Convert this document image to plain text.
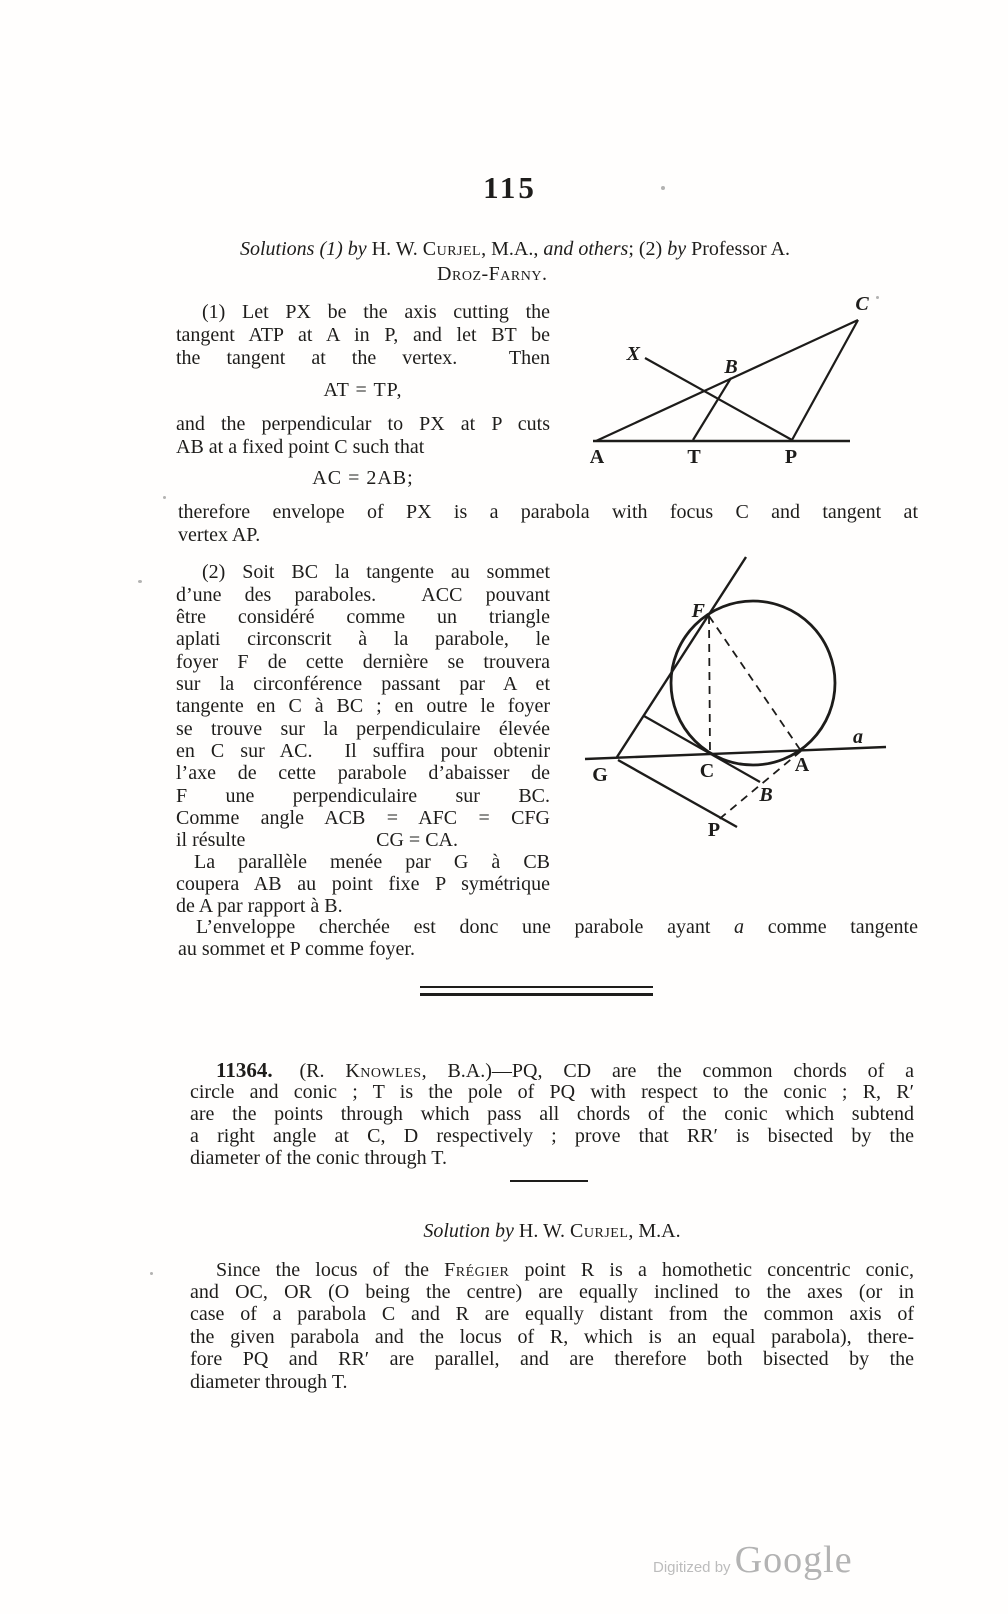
115
Solutions (1) by H. W. Curjel, M.A., and others; (2) by Professor A.
Droz-Farny.
(1) Let PX be the axis cutting the
tangent ATP at A in P, and let BT be
the tangent at the vertex.  Then
AT = TP,
and the perpendicular to PX at P cuts
AB at a fixed point C such that
AC = 2AB;
therefore envelope of PX is a parabola with focus C and tangent at
vertex AP.
A	T	P
X
B
C
(2) Soit BC la tangente au sommet
d’une des paraboles.  ACC pouvant
être considéré comme un triangle
aplati circonscrit à la parabole, le
foyer F de cette dernière se trouvera
sur la circonférence passant par A et
tangente en C à BC ; en outre le foyer
se trouve sur la perpendiculaire élevée
en C sur AC.  Il suffira pour obtenir
l’axe de cette parabole d’abaisser de
F une perpendiculaire sur BC.
Comme angle ACB = AFC = CFG
il résulte	CG = CA.
La parallèle menée par G à CB
coupera AB au point fixe P symétrique
de A par rapport à B.
L’enveloppe cherchée est donc une parabole ayant a comme tangente
au sommet et P comme foyer.
F
G	C	A
B
P
a
11364. (R. Knowles, B.A.)—PQ, CD are the common chords of a
circle and conic ; T is the pole of PQ with respect to the conic ; R, R′
are the points through which pass all chords of the conic which subtend
a right angle at C, D respectively ; prove that RR′ is bisected by the
diameter of the conic through T.
Solution by H. W. Curjel, M.A.
Since the locus of the Frégier point R is a homothetic concentric conic,
and OC, OR (O being the centre) are equally inclined to the axes (or in
case of a parabola C and R are equally distant from the common axis of
the given parabola and the locus of R, which is an equal parabola), there-
fore PQ and RR′ are parallel, and are therefore both bisected by the
diameter through T.
Digitized by Google
